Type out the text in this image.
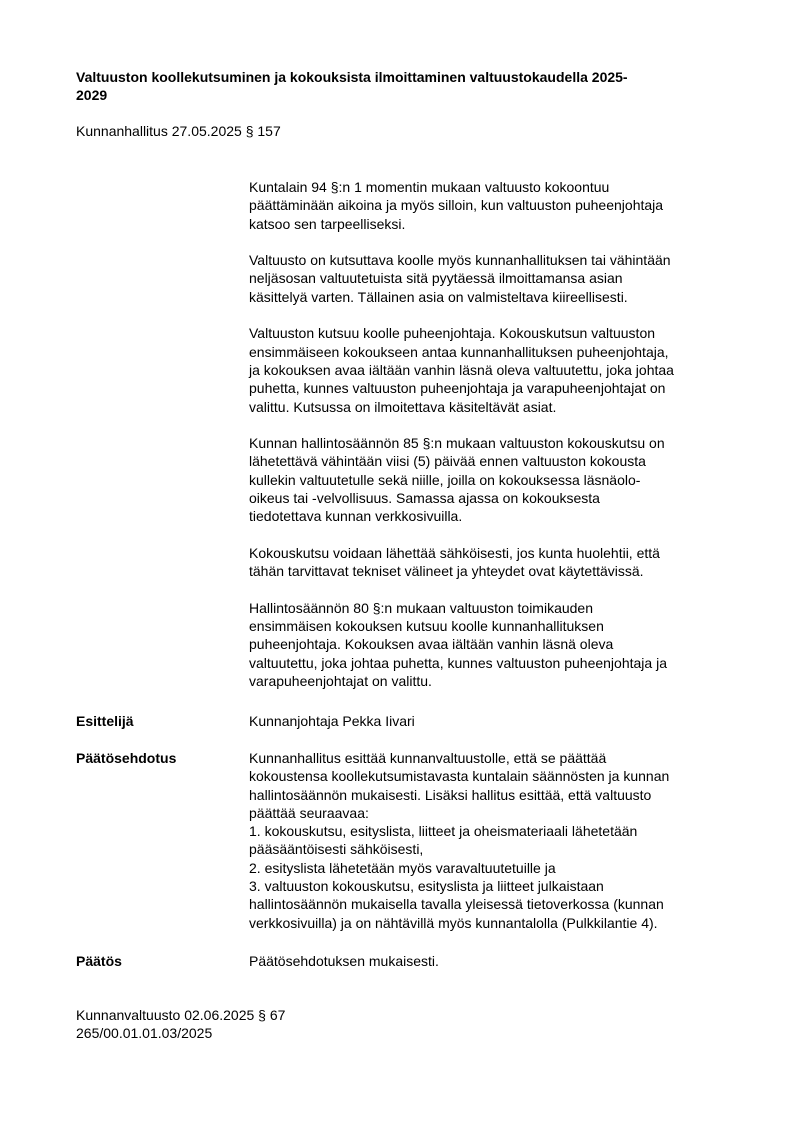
Valtuuston koollekutsuminen ja kokouksista ilmoittaminen valtuustokaudella 2025-
2029

Kunnanhallitus 27.05.2025 § 157

Kuntalain 94 §:n 1 momentin mukaan valtuusto kokoontuu
päättäminään aikoina ja myös silloin, kun valtuuston puheenjohtaja
katsoo sen tarpeelliseksi.

Valtuusto on kutsuttava koolle myös kunnanhallituksen tai vähintään
neljäsosan valtuutetuista sitä pyytäessä ilmoittamansa asian
käsittelyä varten. Tällainen asia on valmisteltava kiireellisesti.

Valtuuston kutsuu koolle puheenjohtaja. Kokouskutsun valtuuston
ensimmäiseen kokoukseen antaa kunnanhallituksen puheenjohtaja,
ja kokouksen avaa iältään vanhin läsnä oleva valtuutettu, joka johtaa
puhetta, kunnes valtuuston puheenjohtaja ja varapuheenjohtajat on
valittu. Kutsussa on ilmoitettava käsiteltävät asiat.

Kunnan hallintosäännön 85 §:n mukaan valtuuston kokouskutsu on
lähetettävä vähintään viisi (5) päivää ennen valtuuston kokousta
kullekin valtuutetulle sekä niille, joilla on kokouksessa läsnäolo-
oikeus tai -velvollisuus. Samassa ajassa on kokouksesta
tiedotettava kunnan verkkosivuilla.

Kokouskutsu voidaan lähettää sähköisesti, jos kunta huolehtii, että
tähän tarvittavat tekniset välineet ja yhteydet ovat käytettävissä.

Hallintosäännön 80 §:n mukaan valtuuston toimikauden
ensimmäisen kokouksen kutsuu koolle kunnanhallituksen
puheenjohtaja. Kokouksen avaa iältään vanhin läsnä oleva
valtuutettu, joka johtaa puhetta, kunnes valtuuston puheenjohtaja ja
varapuheenjohtajat on valittu.

Esittelijä	Kunnanjohtaja Pekka Iivari

Päätösehdotus	Kunnanhallitus esittää kunnanvaltuustolle, että se päättää
kokoustensa koollekutsumistavasta kuntalain säännösten ja kunnan
hallintosäännön mukaisesti. Lisäksi hallitus esittää, että valtuusto
päättää seuraavaa:
1. kokouskutsu, esityslista, liitteet ja oheismateriaali lähetetään
pääsääntöisesti sähköisesti,
2. esityslista lähetetään myös varavaltuutetuille ja
3. valtuuston kokouskutsu, esityslista ja liitteet julkaistaan
hallintosäännön mukaisella tavalla yleisessä tietoverkossa (kunnan
verkkosivuilla) ja on nähtävillä myös kunnantalolla (Pulkkilantie 4).

Päätös	Päätösehdotuksen mukaisesti.

Kunnanvaltuusto 02.06.2025 § 67
265/00.01.01.03/2025
